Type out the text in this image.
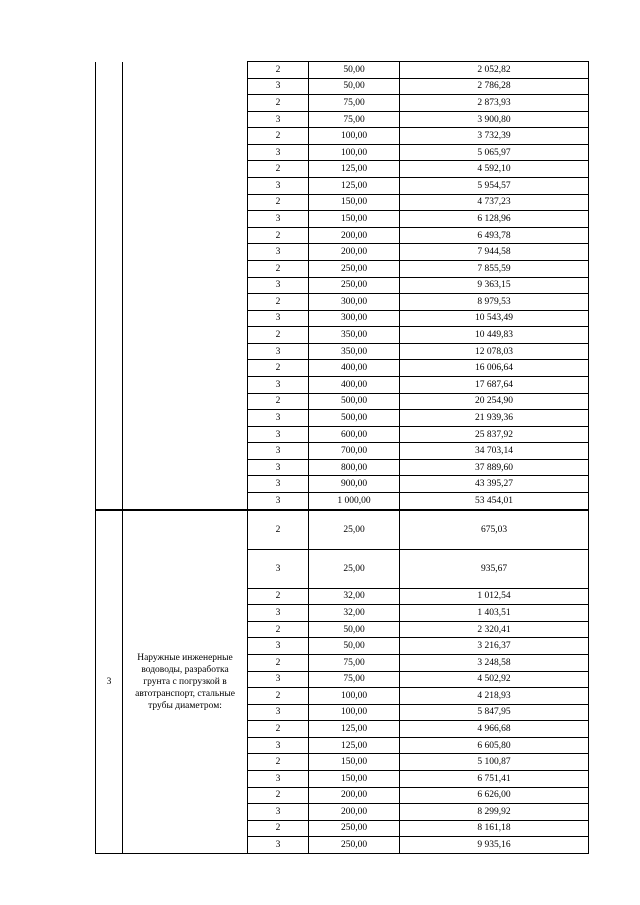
		2	50,00	2 052,82
		3	50,00	2 786,28
		2	75,00	2 873,93
		3	75,00	3 900,80
		2	100,00	3 732,39
		3	100,00	5 065,97
		2	125,00	4 592,10
		3	125,00	5 954,57
		2	150,00	4 737,23
		3	150,00	6 128,96
		2	200,00	6 493,78
		3	200,00	7 944,58
		2	250,00	7 855,59
		3	250,00	9 363,15
		2	300,00	8 979,53
		3	300,00	10 543,49
		2	350,00	10 449,83
		3	350,00	12 078,03
		2	400,00	16 006,64
		3	400,00	17 687,64
		2	500,00	20 254,90
		3	500,00	21 939,36
		3	600,00	25 837,92
		3	700,00	34 703,14
		3	800,00	37 889,60
		3	900,00	43 395,27
		3	1 000,00	53 454,01
3	Наружные инженерные водоводы, разработка грунта с погрузкой в автотранспорт, стальные трубы диаметром:	2	25,00	675,03
		3	25,00	935,67
		2	32,00	1 012,54
		3	32,00	1 403,51
		2	50,00	2 320,41
		3	50,00	3 216,37
		2	75,00	3 248,58
		3	75,00	4 502,92
		2	100,00	4 218,93
		3	100,00	5 847,95
		2	125,00	4 966,68
		3	125,00	6 605,80
		2	150,00	5 100,87
		3	150,00	6 751,41
		2	200,00	6 626,00
		3	200,00	8 299,92
		2	250,00	8 161,18
		3	250,00	9 935,16
